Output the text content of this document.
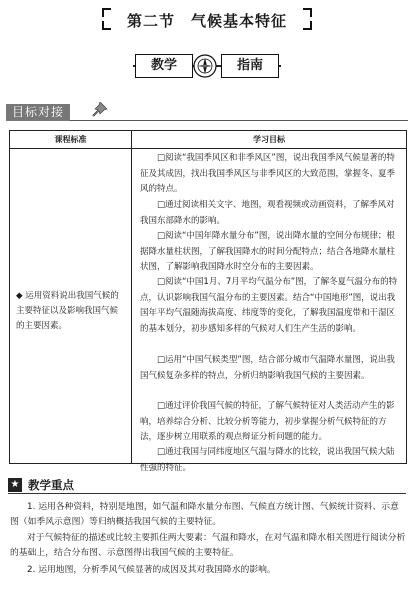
第二节　气候基本特征
教学	指南
目标对接
课程标准	学习目标
◆ 运用资料说出我国气候的主要特征以及影响我国气候的主要因素。
□阅读“我国季风区和非季风区”图，说出我国季风气候显著的特征及其成因，找出我国季风区与非季风区的大致范围，掌握冬、夏季风的特点。
□通过阅读相关文字、地图，观看视频或动画资料，了解季风对我国东部降水的影响。
□阅读“中国年降水量分布”图，说出降水量的空间分布规律；根据降水量柱状图，了解我国降水的时间分配特点；结合各地降水量柱状图，了解影响我国降水时空分布的主要因素。
□阅读“中国1月、7月平均气温分布”图，了解冬夏气温分布的特点，认识影响我国气温分布的主要因素。结合“中国地形”图，说出我国年平均气温随海拔高度、纬度等的变化，了解我国温度带和干湿区的基本划分，初步感知多样的气候对人们生产生活的影响。
□运用“中国气候类型”图，结合部分城市气温降水量图，说出我国气候复杂多样的特点，分析归纳影响我国气候的主要因素。
□通过评价我国气候的特征，了解气候特征对人类活动产生的影响，培养综合分析、比较分析等能力，初步掌握分析气候特征的方法，逐步树立用联系的观点辩证分析问题的能力。
□通过我国与同纬度地区气温与降水的比较，说出我国气候大陆性强的特征。
★ 教学重点
1. 运用各种资料，特别是地图，如气温和降水量分布图、气候直方统计图、气候统计资料、示意图（如季风示意图）等归纳概括我国气候的主要特征。
对于气候特征的描述或比较主要抓住两大要素：气温和降水，在对气温和降水相关图进行阅读分析的基础上，结合分布图、示意图得出我国气候的主要特征。
2. 运用地图，分析季风气候显著的成因及其对我国降水的影响。
